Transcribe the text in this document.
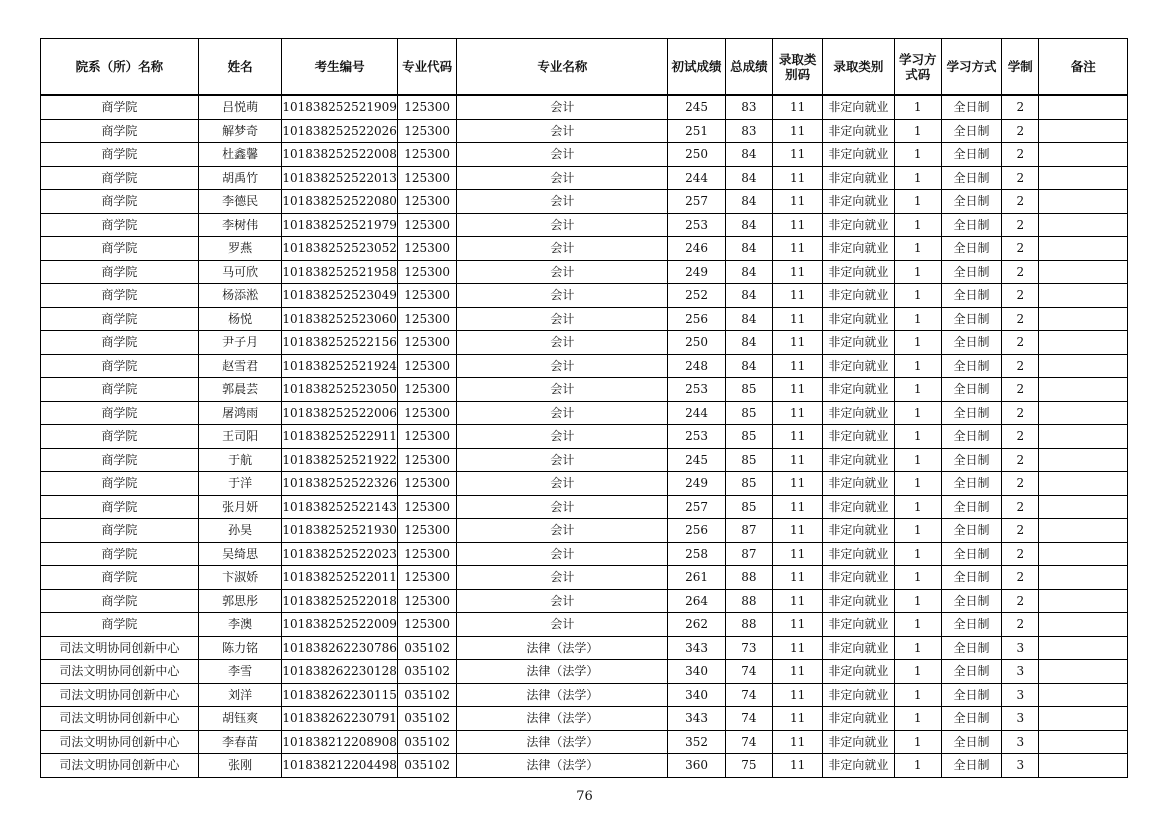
院系（所）名称	姓名	考生编号	专业代码	专业名称	初试成绩	总成绩	录取类别码	录取类别	学习方式码	学习方式	学制	备注
商学院	吕悦萌	101838252521909	125300	会计	245	83	11	非定向就业	1	全日制	2	
商学院	解梦奇	101838252522026	125300	会计	251	83	11	非定向就业	1	全日制	2	
商学院	杜鑫馨	101838252522008	125300	会计	250	84	11	非定向就业	1	全日制	2	
商学院	胡禹竹	101838252522013	125300	会计	244	84	11	非定向就业	1	全日制	2	
商学院	李德民	101838252522080	125300	会计	257	84	11	非定向就业	1	全日制	2	
商学院	李树伟	101838252521979	125300	会计	253	84	11	非定向就业	1	全日制	2	
商学院	罗燕	101838252523052	125300	会计	246	84	11	非定向就业	1	全日制	2	
商学院	马可欣	101838252521958	125300	会计	249	84	11	非定向就业	1	全日制	2	
商学院	杨添淞	101838252523049	125300	会计	252	84	11	非定向就业	1	全日制	2	
商学院	杨悦	101838252523060	125300	会计	256	84	11	非定向就业	1	全日制	2	
商学院	尹子月	101838252522156	125300	会计	250	84	11	非定向就业	1	全日制	2	
商学院	赵雪君	101838252521924	125300	会计	248	84	11	非定向就业	1	全日制	2	
商学院	郭晨芸	101838252523050	125300	会计	253	85	11	非定向就业	1	全日制	2	
商学院	屠鸿雨	101838252522006	125300	会计	244	85	11	非定向就业	1	全日制	2	
商学院	王司阳	101838252522911	125300	会计	253	85	11	非定向就业	1	全日制	2	
商学院	于航	101838252521922	125300	会计	245	85	11	非定向就业	1	全日制	2	
商学院	于洋	101838252522326	125300	会计	249	85	11	非定向就业	1	全日制	2	
商学院	张月妍	101838252522143	125300	会计	257	85	11	非定向就业	1	全日制	2	
商学院	孙昊	101838252521930	125300	会计	256	87	11	非定向就业	1	全日制	2	
商学院	吴绮思	101838252522023	125300	会计	258	87	11	非定向就业	1	全日制	2	
商学院	卞淑娇	101838252522011	125300	会计	261	88	11	非定向就业	1	全日制	2	
商学院	郭思彤	101838252522018	125300	会计	264	88	11	非定向就业	1	全日制	2	
商学院	李澳	101838252522009	125300	会计	262	88	11	非定向就业	1	全日制	2	
司法文明协同创新中心	陈力铭	101838262230786	035102	法律（法学）	343	73	11	非定向就业	1	全日制	3	
司法文明协同创新中心	李雪	101838262230128	035102	法律（法学）	340	74	11	非定向就业	1	全日制	3	
司法文明协同创新中心	刘洋	101838262230115	035102	法律（法学）	340	74	11	非定向就业	1	全日制	3	
司法文明协同创新中心	胡钰爽	101838262230791	035102	法律（法学）	343	74	11	非定向就业	1	全日制	3	
司法文明协同创新中心	李春苗	101838212208908	035102	法律（法学）	352	74	11	非定向就业	1	全日制	3	
司法文明协同创新中心	张刚	101838212204498	035102	法律（法学）	360	75	11	非定向就业	1	全日制	3	
76
